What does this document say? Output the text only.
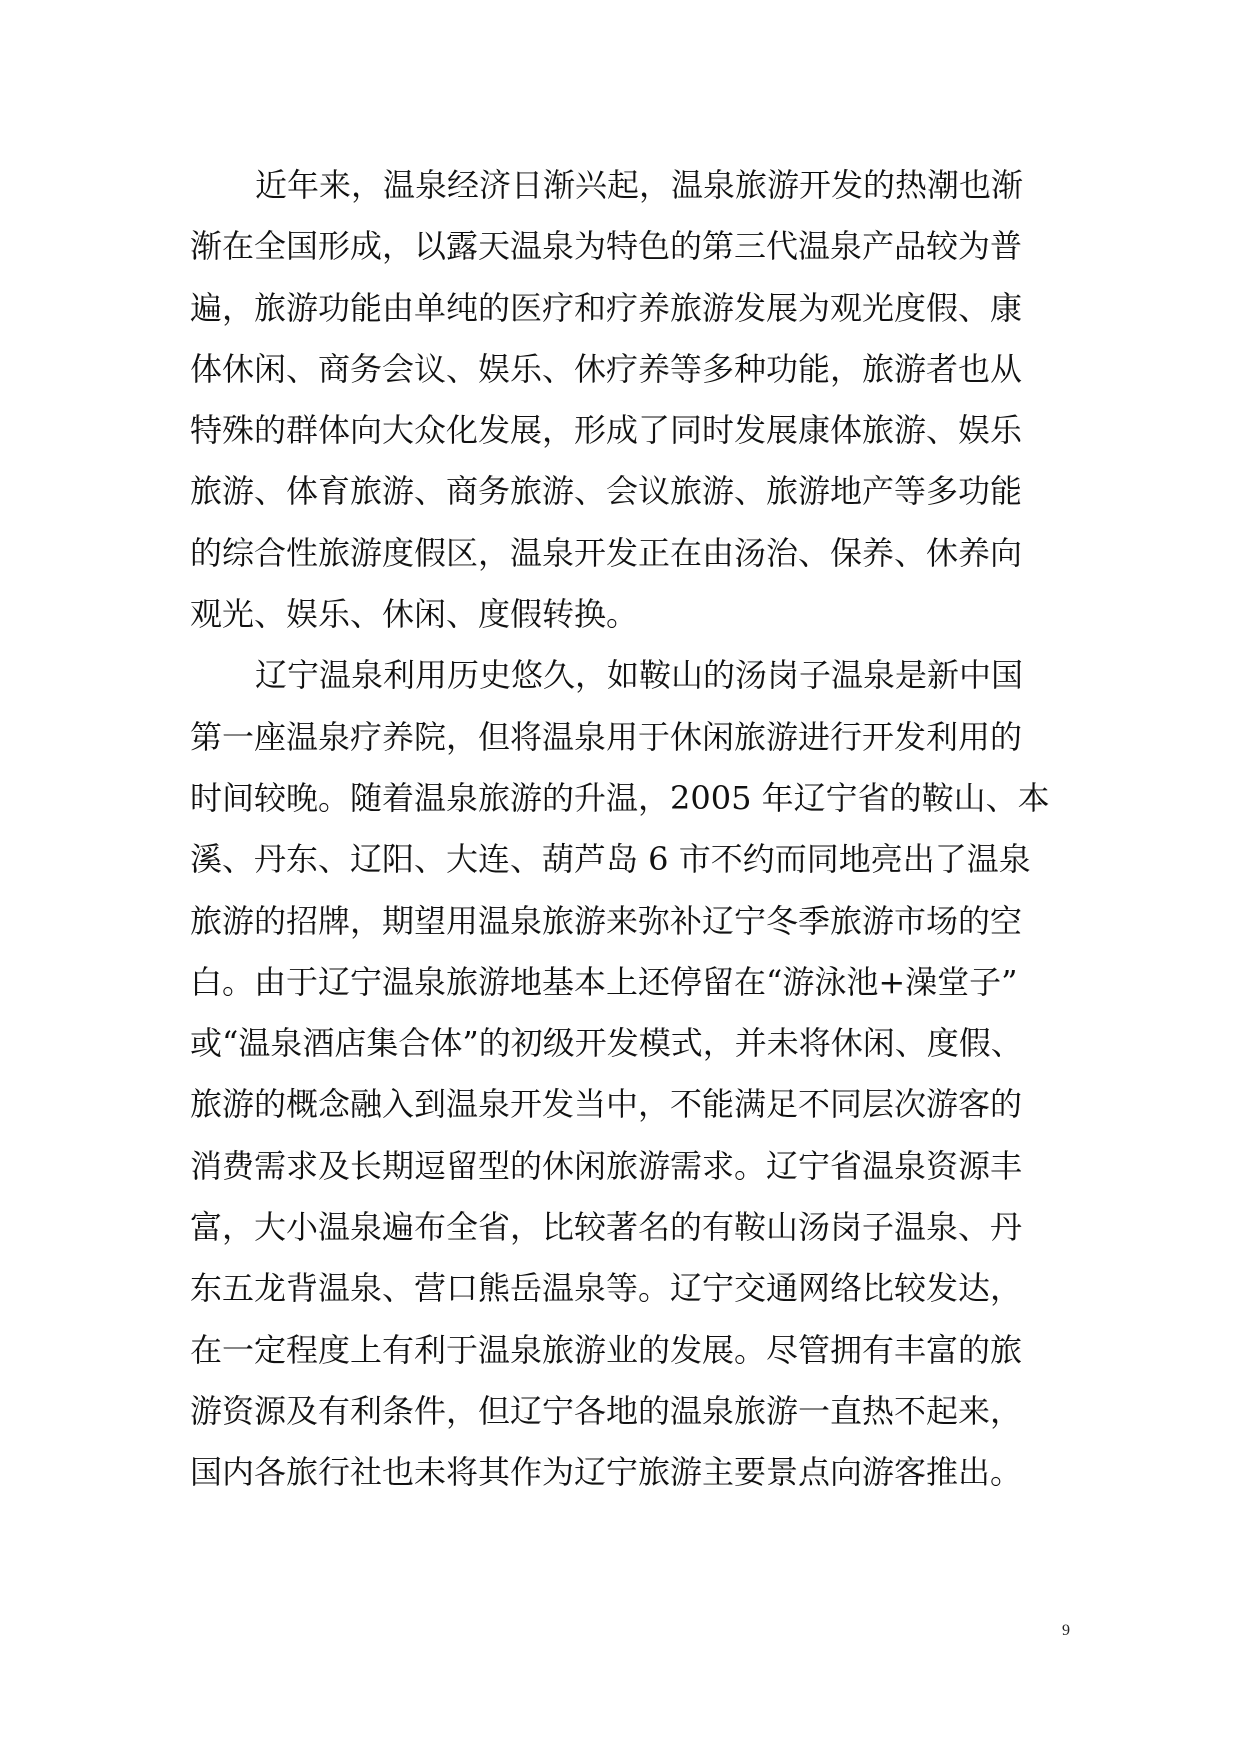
近年来，温泉经济日渐兴起，温泉旅游开发的热潮也渐
渐在全国形成，以露天温泉为特色的第三代温泉产品较为普
遍，旅游功能由单纯的医疗和疗养旅游发展为观光度假、康
体休闲、商务会议、娱乐、休疗养等多种功能，旅游者也从
特殊的群体向大众化发展，形成了同时发展康体旅游、娱乐
旅游、体育旅游、商务旅游、会议旅游、旅游地产等多功能
的综合性旅游度假区，温泉开发正在由汤治、保养、休养向
观光、娱乐、休闲、度假转换。
辽宁温泉利用历史悠久，如鞍山的汤岗子温泉是新中国
第一座温泉疗养院，但将温泉用于休闲旅游进行开发利用的
时间较晚。随着温泉旅游的升温，2005 年辽宁省的鞍山、本
溪、丹东、辽阳、大连、葫芦岛 6 市不约而同地亮出了温泉
旅游的招牌，期望用温泉旅游来弥补辽宁冬季旅游市场的空
白。由于辽宁温泉旅游地基本上还停留在“游泳池+澡堂子”
或“温泉酒店集合体”的初级开发模式，并未将休闲、度假、
旅游的概念融入到温泉开发当中，不能满足不同层次游客的
消费需求及长期逗留型的休闲旅游需求。辽宁省温泉资源丰
富，大小温泉遍布全省，比较著名的有鞍山汤岗子温泉、丹
东五龙背温泉、营口熊岳温泉等。辽宁交通网络比较发达，
在一定程度上有利于温泉旅游业的发展。尽管拥有丰富的旅
游资源及有利条件，但辽宁各地的温泉旅游一直热不起来，
国内各旅行社也未将其作为辽宁旅游主要景点向游客推出。
9
